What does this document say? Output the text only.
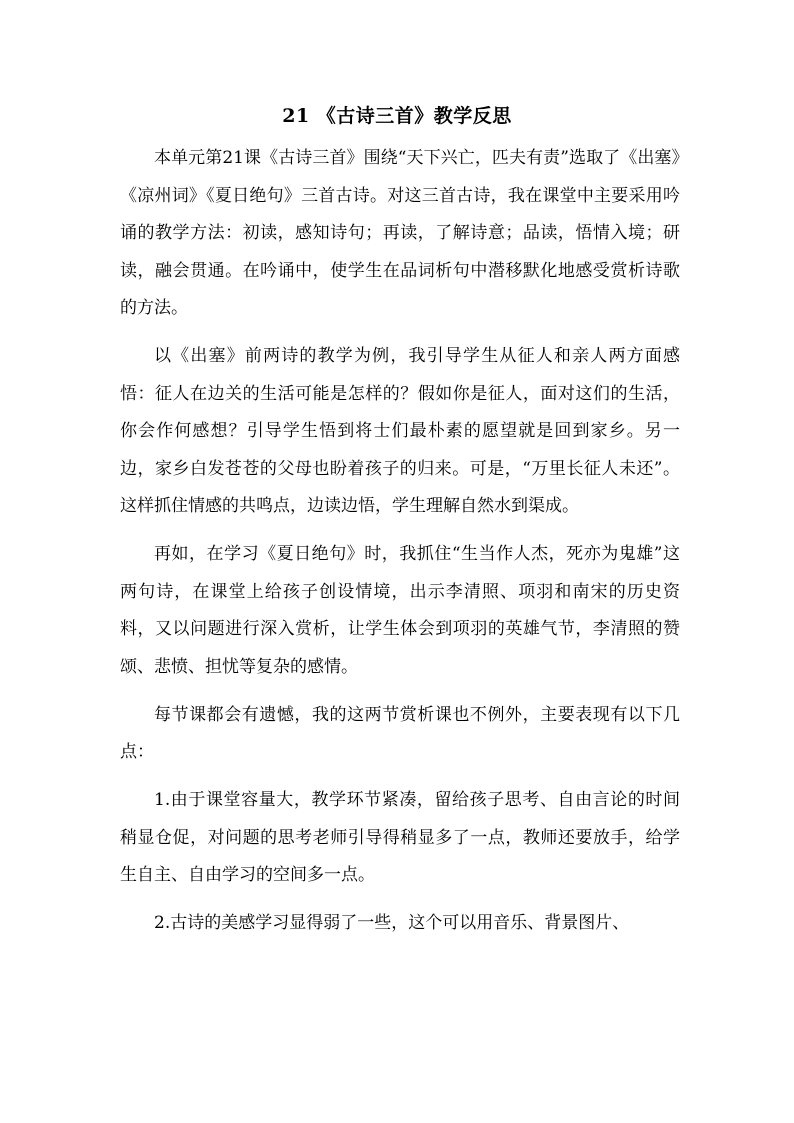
21 《古诗三首》教学反思

本单元第21课《古诗三首》围绕“天下兴亡，匹夫有责”选取了《出塞》《凉州词》《夏日绝句》三首古诗。对这三首古诗，我在课堂中主要采用吟诵的教学方法：初读，感知诗句；再读，了解诗意；品读，悟情入境；研读，融会贯通。在吟诵中，使学生在品词析句中潜移默化地感受赏析诗歌的方法。

以《出塞》前两诗的教学为例，我引导学生从征人和亲人两方面感悟：征人在边关的生活可能是怎样的？假如你是征人，面对这们的生活，你会作何感想？引导学生悟到将士们最朴素的愿望就是回到家乡。另一边，家乡白发苍苍的父母也盼着孩子的归来。可是，“万里长征人未还”。这样抓住情感的共鸣点，边读边悟，学生理解自然水到渠成。

再如，在学习《夏日绝句》时，我抓住“生当作人杰，死亦为鬼雄”这两句诗，在课堂上给孩子创设情境，出示李清照、项羽和南宋的历史资料，又以问题进行深入赏析，让学生体会到项羽的英雄气节，李清照的赞颂、悲愤、担忧等复杂的感情。

每节课都会有遗憾，我的这两节赏析课也不例外，主要表现有以下几点：

1.由于课堂容量大，教学环节紧凑，留给孩子思考、自由言论的时间稍显仓促，对问题的思考老师引导得稍显多了一点，教师还要放手，给学生自主、自由学习的空间多一点。

2.古诗的美感学习显得弱了一些，这个可以用音乐、背景图片、
